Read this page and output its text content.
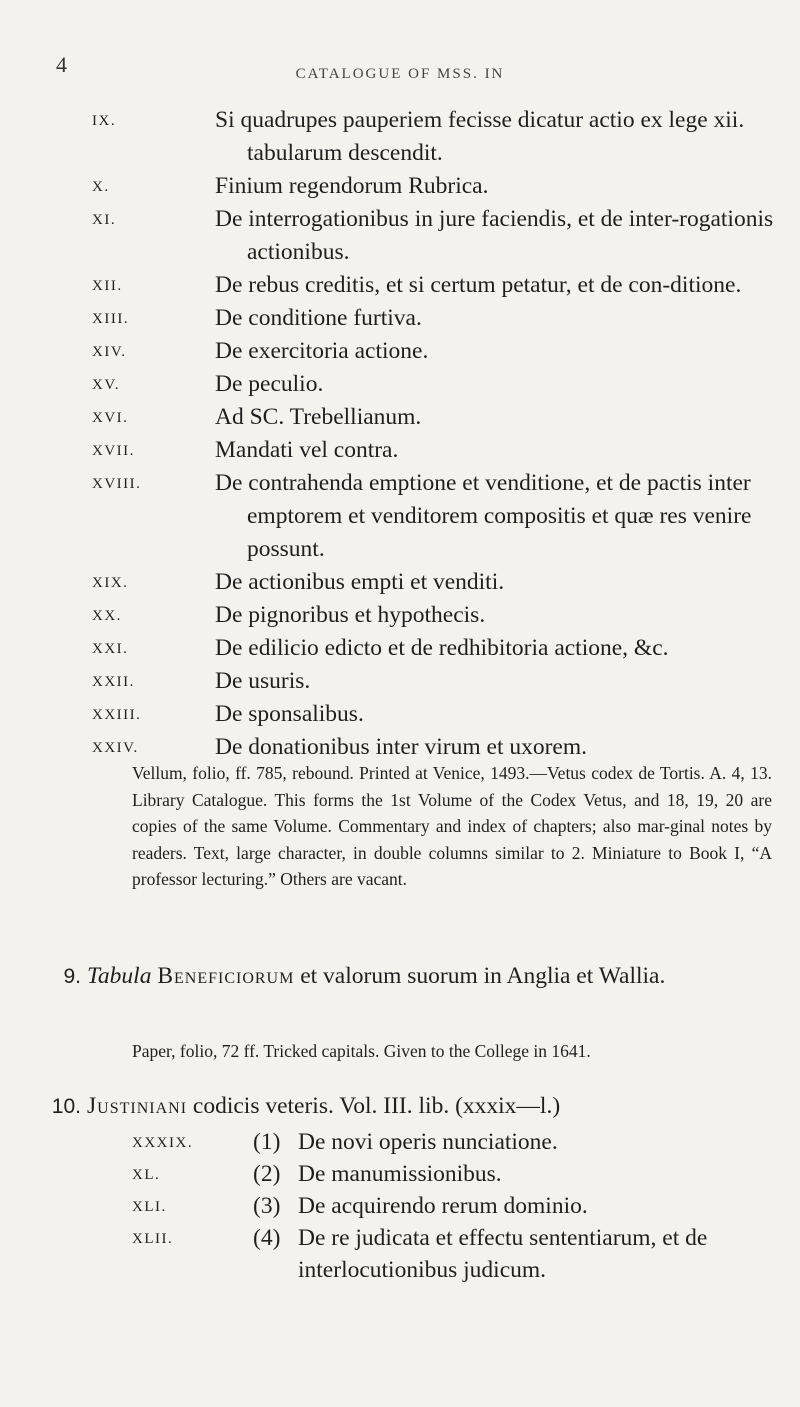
4	CATALOGUE OF MSS. IN
IX.	Si quadrupes pauperiem fecisse dicatur actio ex lege xii. tabularum descendit.
X.	Finium regendorum Rubrica.
XI.	De interrogationibus in jure faciendis, et de inter-rogationis actionibus.
XII.	De rebus creditis, et si certum petatur, et de con-ditione.
XIII.	De conditione furtiva.
XIV.	De exercitoria actione.
XV.	De peculio.
XVI.	Ad SC. Trebellianum.
XVII.	Mandati vel contra.
XVIII.	De contrahenda emptione et venditione, et de pactis inter emptorem et venditorem compositis et quæ res venire possunt.
XIX.	De actionibus empti et venditi.
XX.	De pignoribus et hypothecis.
XXI.	De edilicio edicto et de redhibitoria actione, &c.
XXII.	De usuris.
XXIII.	De sponsalibus.
XXIV.	De donationibus inter virum et uxorem.
Vellum, folio, ff. 785, rebound. Printed at Venice, 1493.—Vetus codex de Tortis. A. 4, 13. Library Catalogue. This forms the 1st Volume of the Codex Vetus, and 18, 19, 20 are copies of the same Volume. Commentary and index of chapters; also mar-ginal notes by readers. Text, large character, in double columns similar to 2. Miniature to Book I, “A professor lecturing.” Others are vacant.
9. Tabula Beneficiorum et valorum suorum in Anglia et Wallia.
Paper, folio, 72 ff. Tricked capitals. Given to the College in 1641.
10. Justiniani codicis veteris. Vol. III. lib. (xxxix—l.)
XXXIX.	(1) De novi operis nunciatione.
XL.	(2) De manumissionibus.
XLI.	(3) De acquirendo rerum dominio.
XLII.	(4) De re judicata et effectu sententiarum, et de interlocutionibus judicum.
